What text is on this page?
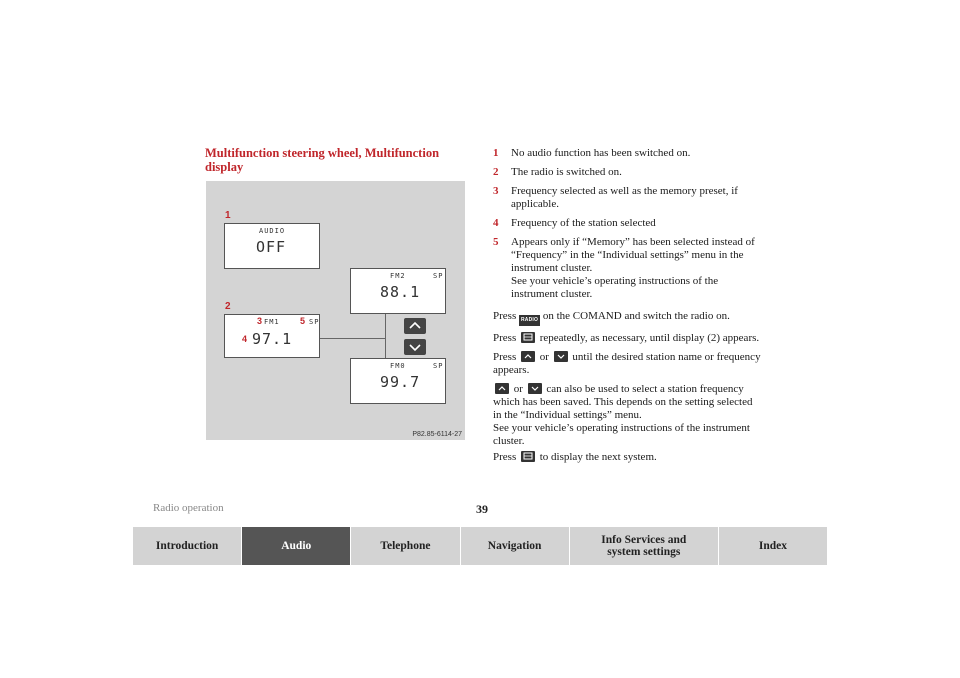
Multifunction steering wheel, Multifunction display
1
2
AUDIO
OFF
3 FM1 5 SP
4 97.1
FM2	SP
88.1
FM0	SP
99.7
P82.85-6114-27
1 No audio function has been switched on.
2 The radio is switched on.
3 Frequency selected as well as the memory preset, if applicable.
4 Frequency of the station selected
5 Appears only if “Memory” has been selected instead of “Frequency” in the “Individual settings” menu in the instrument cluster.
See your vehicle’s operating instructions of the instrument cluster.

Press RADIO on the COMAND and switch the radio on.

Press repeatedly, as necessary, until display (2) appears.

Press or until the desired station name or frequency appears.

or can also be used to select a station frequency which has been saved. This depends on the setting selected in the “Individual settings” menu.
See your vehicle’s operating instructions of the instrument cluster.

Press to display the next system.

Radio operation	39
Introduction	Audio	Telephone	Navigation	Info Services and system settings	Index
